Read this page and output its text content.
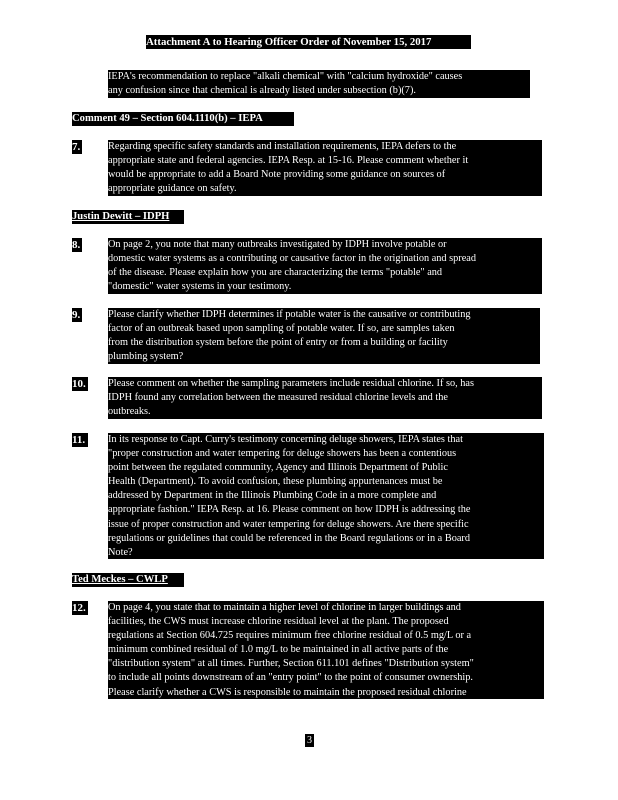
Attachment A to Hearing Officer Order of November 15, 2017
IEPA's recommendation to replace "alkali chemical" with "calcium hydroxide" causes
any confusion since that chemical is already listed under subsection (b)(7).
Comment 49 – Section 604.1110(b) – IEPA
7.	Regarding specific safety standards and installation requirements, IEPA defers to the
appropriate state and federal agencies. IEPA Resp. at 15-16. Please comment whether it
would be appropriate to add a Board Note providing some guidance on sources of
appropriate guidance on safety.
Justin Dewitt – IDPH
8.	On page 2, you note that many outbreaks investigated by IDPH involve potable or
domestic water systems as a contributing or causative factor in the origination and spread
of the disease. Please explain how you are characterizing the terms "potable" and
"domestic" water systems in your testimony.
9.	Please clarify whether IDPH determines if potable water is the causative or contributing
factor of an outbreak based upon sampling of potable water. If so, are samples taken
from the distribution system before the point of entry or from a building or facility
plumbing system?
10. Please comment on whether the sampling parameters include residual chlorine. If so, has
IDPH found any correlation between the measured residual chlorine levels and the
outbreaks.
11. In its response to Capt. Curry's testimony concerning deluge showers, IEPA states that
"proper construction and water tempering for deluge showers has been a contentious
point between the regulated community, Agency and Illinois Department of Public
Health (Department). To avoid confusion, these plumbing appurtenances must be
addressed by Department in the Illinois Plumbing Code in a more complete and
appropriate fashion." IEPA Resp. at 16. Please comment on how IDPH is addressing the
issue of proper construction and water tempering for deluge showers. Are there specific
regulations or guidelines that could be referenced in the Board regulations or in a Board
Note?
Ted Meckes – CWLP
12. On page 4, you state that to maintain a higher level of chlorine in larger buildings and
facilities, the CWS must increase chlorine residual level at the plant. The proposed
regulations at Section 604.725 requires minimum free chlorine residual of 0.5 mg/L or a
minimum combined residual of 1.0 mg/L to be maintained in all active parts of the
"distribution system" at all times. Further, Section 611.101 defines "Distribution system"
to include all points downstream of an "entry point" to the point of consumer ownership.
Please clarify whether a CWS is responsible to maintain the proposed residual chlorine
3
